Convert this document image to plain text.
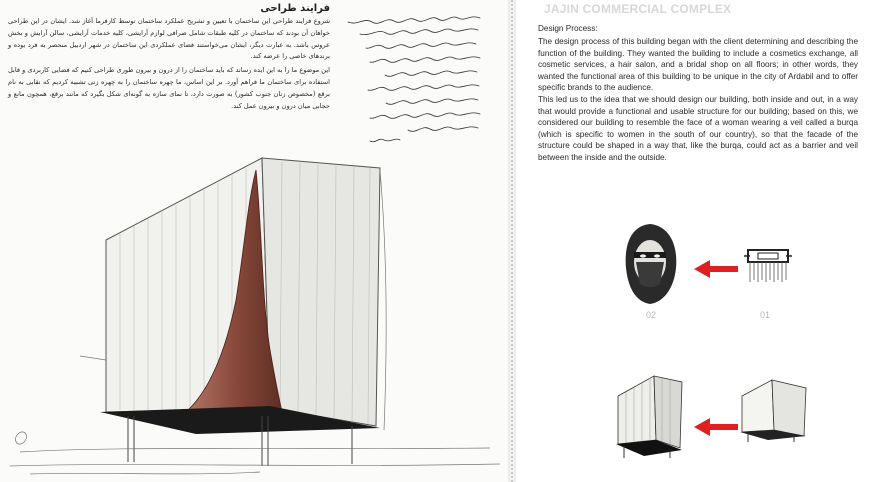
فرایند طراحی

شروع فرایند طراحی این ساختمان با تعیین و تشریح عملکرد ساختمان توسط کارفرما آغاز شد. ایشان در این طراحی خواهان آن بودند که ساختمان در کلیه طبقات شامل صرافی لوازم آرایشی، کلیه خدمات آرایشی، سالن آرایش و بخش عروس باشد. به عبارت دیگر، ایشان می‌خواستند فضای عملکردی این ساختمان در شهر اردبیل منحصر به فرد بوده و برندهای خاصی را عرضه کند.

این موضوع ما را به این ایده رساند که باید ساختمان را از درون و بیرون طوری طراحی کنیم که فضایی کاربردی و قابل استفاده برای ساختمان ما فراهم آورد. بر این اساس، ما چهره ساختمان را به چهره زنی تشبیه کردیم که نقابی به نام برقع (مخصوص زنان جنوب کشور) به صورت دارد، تا نمای سازه به گونه‌ای شکل بگیرد که مانند برقع، همچون مانع و حجابی میان درون و بیرون عمل کند.

JAJIN COMMERCIAL COMPLEX
Design Process:

The design process of this building began with the client determining and describing the function of the building. They wanted the building to include a cosmetics exchange, all cosmetic services, a hair salon, and a bridal shop on all floors; in other words, they wanted the functional area of this building to be unique in the city of Ardabil and to offer specific brands to the audience.

This led us to the idea that we should design our building, both inside and out, in a way that would provide a functional and usable structure for our building; based on this, we considered our building to resemble the face of a woman wearing a veil called a burqa (which is specific to women in the south of our country), so that the facade of the structure could be shaped in a way that, like the burqa, could act as a barrier and veil between the inside and the outside.

02	01
